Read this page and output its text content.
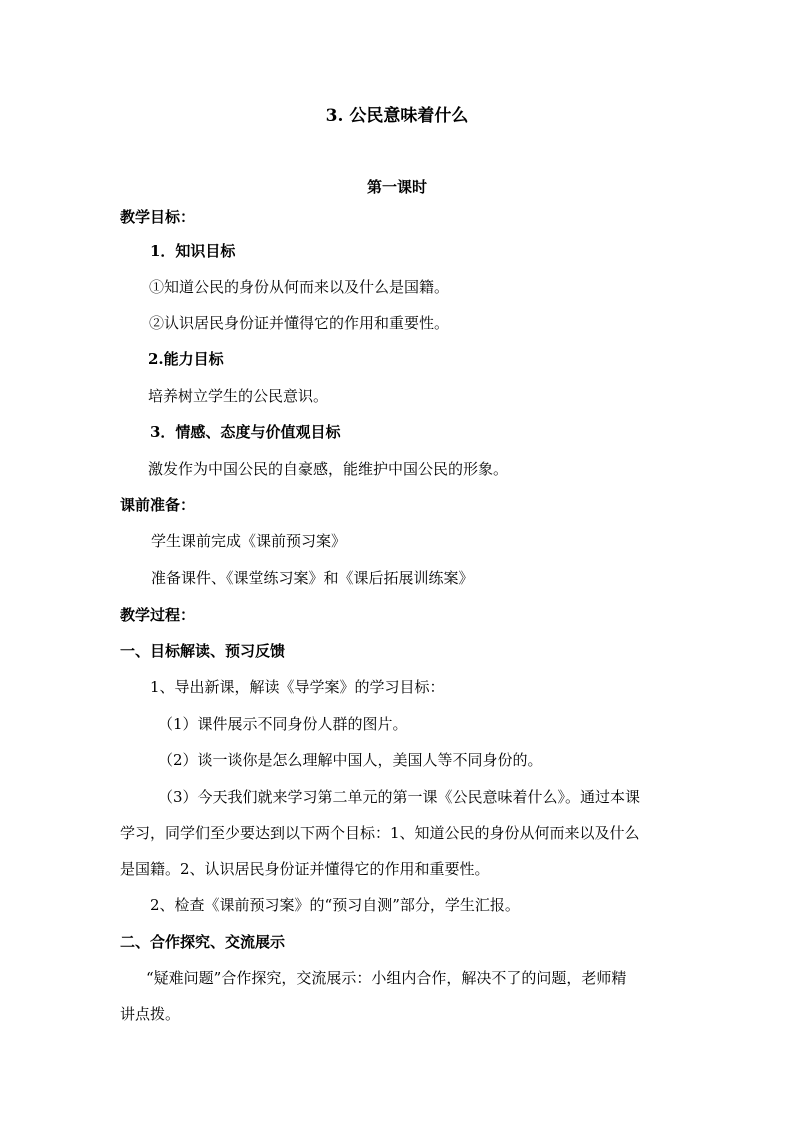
3. 公民意味着什么
第一课时
教学目标：
1．知识目标
①知道公民的身份从何而来以及什么是国籍。
②认识居民身份证并懂得它的作用和重要性。
2.能力目标
培养树立学生的公民意识。
3．情感、态度与价值观目标
激发作为中国公民的自豪感，能维护中国公民的形象。
课前准备：
学生课前完成《课前预习案》
准备课件、《课堂练习案》和《课后拓展训练案》
教学过程：
一、目标解读、预习反馈
1、导出新课，解读《导学案》的学习目标：
（1）课件展示不同身份人群的图片。
（2）谈一谈你是怎么理解中国人，美国人等不同身份的。
（3）今天我们就来学习第二单元的第一课《公民意味着什么》。通过本课
学习，同学们至少要达到以下两个目标：1、知道公民的身份从何而来以及什么
是国籍。2、认识居民身份证并懂得它的作用和重要性。
2、检查《课前预习案》的“预习自测”部分，学生汇报。
二、合作探究、交流展示
“疑难问题”合作探究，交流展示：小组内合作，解决不了的问题，老师精
讲点拨。
